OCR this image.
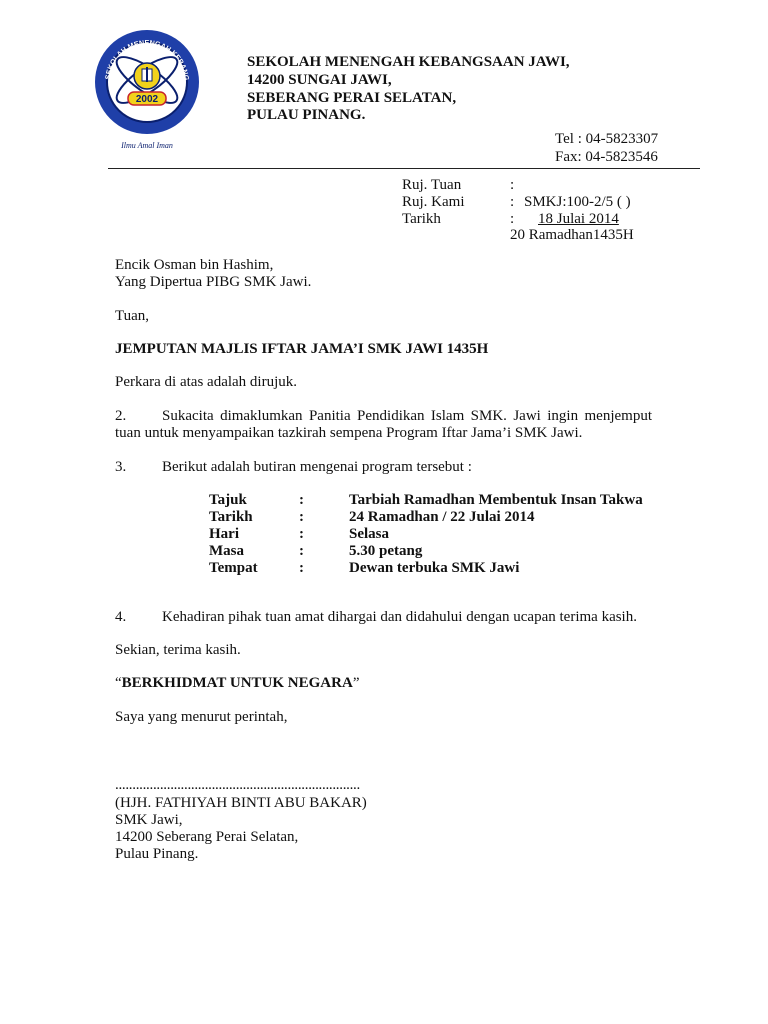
SEKOLAH MENENGAH KEBANG
2002
Ilmu Amal Iman
SEKOLAH MENENGAH KEBANGSAAN JAWI,
14200 SUNGAI JAWI,
SEBERANG PERAI SELATAN,
PULAU PINANG.
Tel : 04-5823307
Fax: 04-5823546
Ruj. Tuan	:
Ruj. Kami	: SMKJ:100-2/5 ( )
Tarikh	:	18 Julai 2014
20 Ramadhan1435H
Encik Osman bin Hashim,
Yang Dipertua PIBG SMK Jawi.
Tuan,
JEMPUTAN MAJLIS IFTAR JAMA’I SMK JAWI 1435H
Perkara di atas adalah dirujuk.
2. Sukacita dimaklumkan Panitia Pendidikan Islam SMK. Jawi ingin menjemput
tuan untuk menyampaikan tazkirah sempena Program Iftar Jama’i SMK Jawi.
3. Berikut adalah butiran mengenai program tersebut :
Tajuk	:	Tarbiah Ramadhan Membentuk Insan Takwa
Tarikh	:	24 Ramadhan / 22 Julai 2014
Hari	:	Selasa
Masa	:	5.30 petang
Tempat	:	Dewan terbuka SMK Jawi
4. Kehadiran pihak tuan amat dihargai dan didahului dengan ucapan terima kasih.
Sekian, terima kasih.
“BERKHIDMAT UNTUK NEGARA”
Saya yang menurut perintah,
.......................................................................
(HJH. FATHIYAH BINTI ABU BAKAR)
SMK Jawi,
14200 Seberang Perai Selatan,
Pulau Pinang.
